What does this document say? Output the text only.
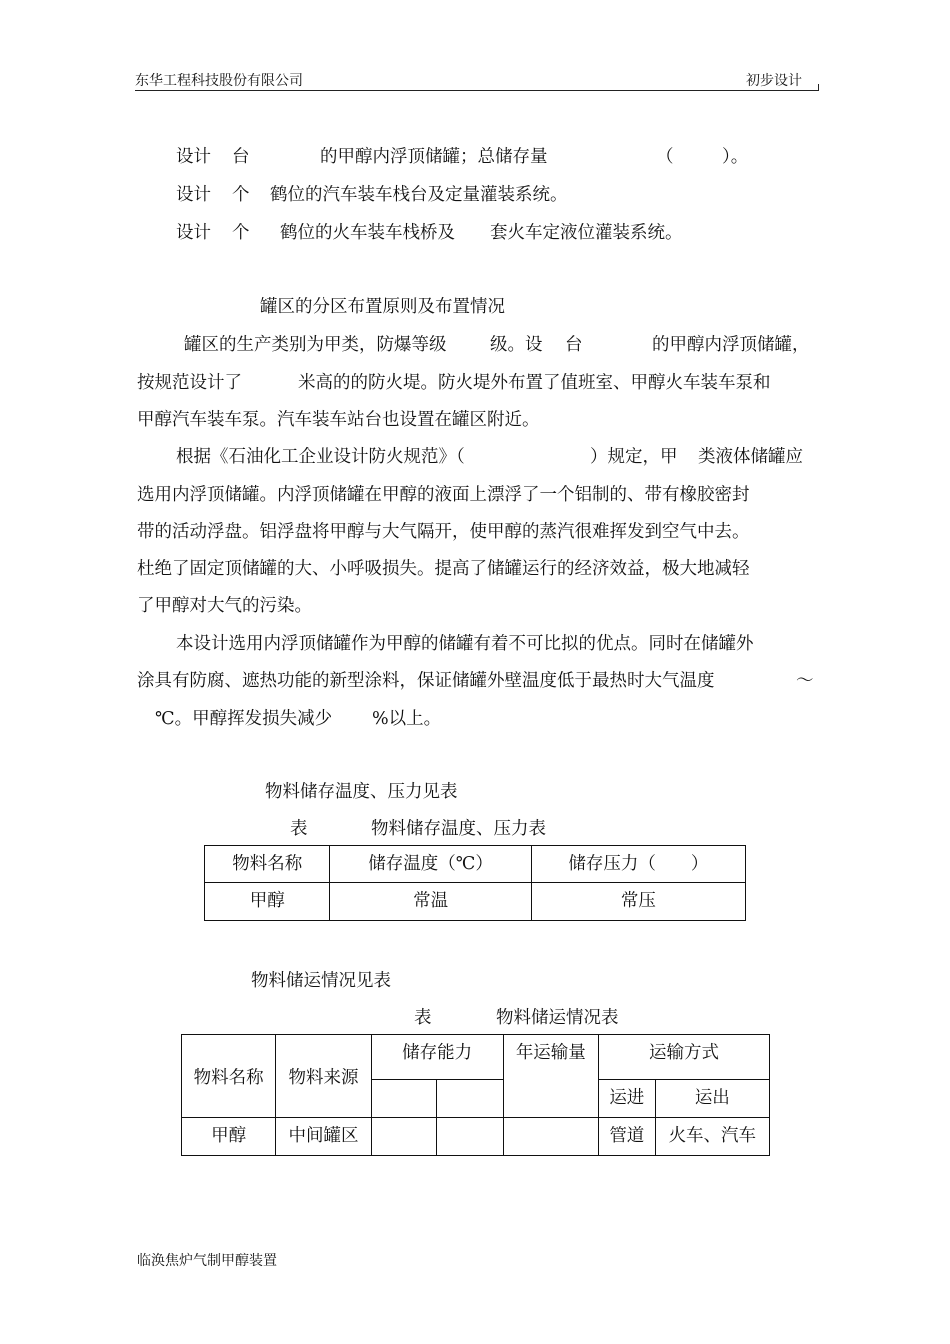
东华工程科技股份有限公司	初步设计
设计 台	的甲醇内浮顶储罐；总储存量	（	）。
设计 个 鹤位的汽车装车栈台及定量灌装系统。
设计 个 鹤位的火车装车栈桥及 套火车定液位灌装系统。
罐区的分区布置原则及布置情况
罐区的生产类别为甲类，防爆等级 级。设 台	的甲醇内浮顶储罐，
按规范设计了	米高的的防火堤。防火堤外布置了值班室、甲醇火车装车泵和
甲醇汽车装车泵。汽车装车站台也设置在罐区附近。
根据《石油化工企业设计防火规范》（	）规定，甲 类液体储罐应
选用内浮顶储罐。内浮顶储罐在甲醇的液面上漂浮了一个铝制的、带有橡胶密封
带的活动浮盘。铝浮盘将甲醇与大气隔开，使甲醇的蒸汽很难挥发到空气中去。
杜绝了固定顶储罐的大、小呼吸损失。提高了储罐运行的经济效益，极大地减轻
了甲醇对大气的污染。
本设计选用内浮顶储罐作为甲醇的储罐有着不可比拟的优点。同时在储罐外
涂具有防腐、遮热功能的新型涂料，保证储罐外壁温度低于最热时大气温度	～
℃。甲醇挥发损失减少 %以上。
物料储存温度、压力见表
表	物料储存温度、压力表
物料名称	储存温度（℃）	储存压力（　　）

甲醇	常温	常压
物料储运情况见表
表	物料储运情况表
物料名称	物料来源	储存能力		年运输量	运输方式	

					运进	运出

甲醇	中间罐区				管道	火车、汽车
临涣焦炉气制甲醇装置
